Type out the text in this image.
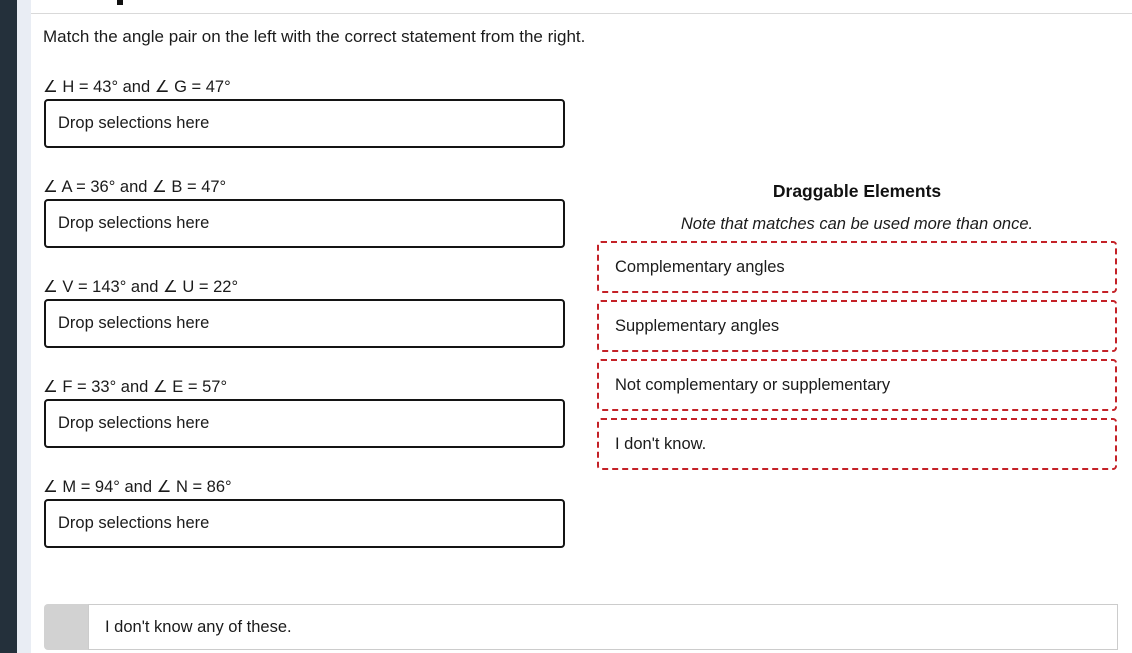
Match the angle pair on the left with the correct statement from the right.
∠ H = 43° and ∠ G = 47°
Drop selections here
∠ A = 36° and ∠ B = 47°
Drop selections here
∠ V = 143° and ∠ U = 22°
Drop selections here
∠ F = 33° and ∠ E = 57°
Drop selections here
∠ M = 94° and ∠ N = 86°
Drop selections here
Draggable Elements
Note that matches can be used more than once.
Complementary angles
Supplementary angles
Not complementary or supplementary
I don't know.
I don't know any of these.
